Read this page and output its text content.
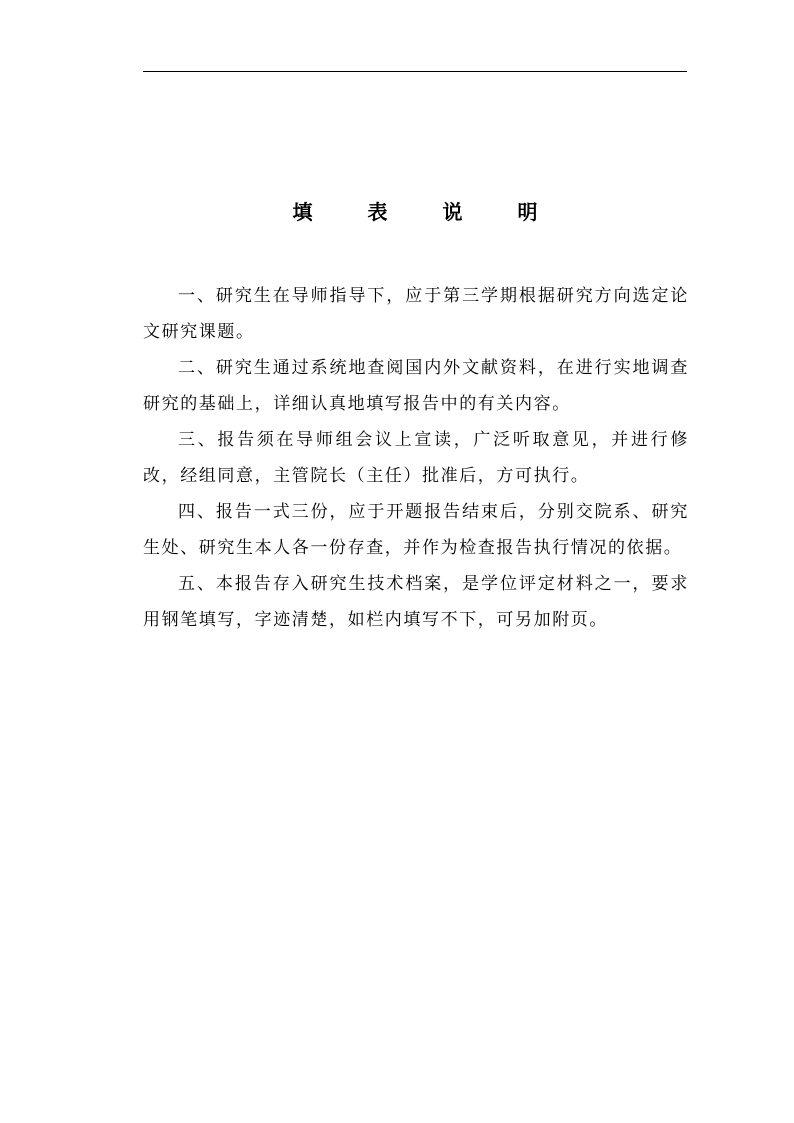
填	表	说	明

一、研究生在导师指导下，应于第三学期根据研究方向选定论文研究课题。

二、研究生通过系统地查阅国内外文献资料，在进行实地调查研究的基础上，详细认真地填写报告中的有关内容。

三、报告须在导师组会议上宣读，广泛听取意见，并进行修改，经组同意，主管院长（主任）批准后，方可执行。

四、报告一式三份，应于开题报告结束后，分别交院系、研究生处、研究生本人各一份存查，并作为检查报告执行情况的依据。

五、本报告存入研究生技术档案，是学位评定材料之一，要求用钢笔填写，字迹清楚，如栏内填写不下，可另加附页。
